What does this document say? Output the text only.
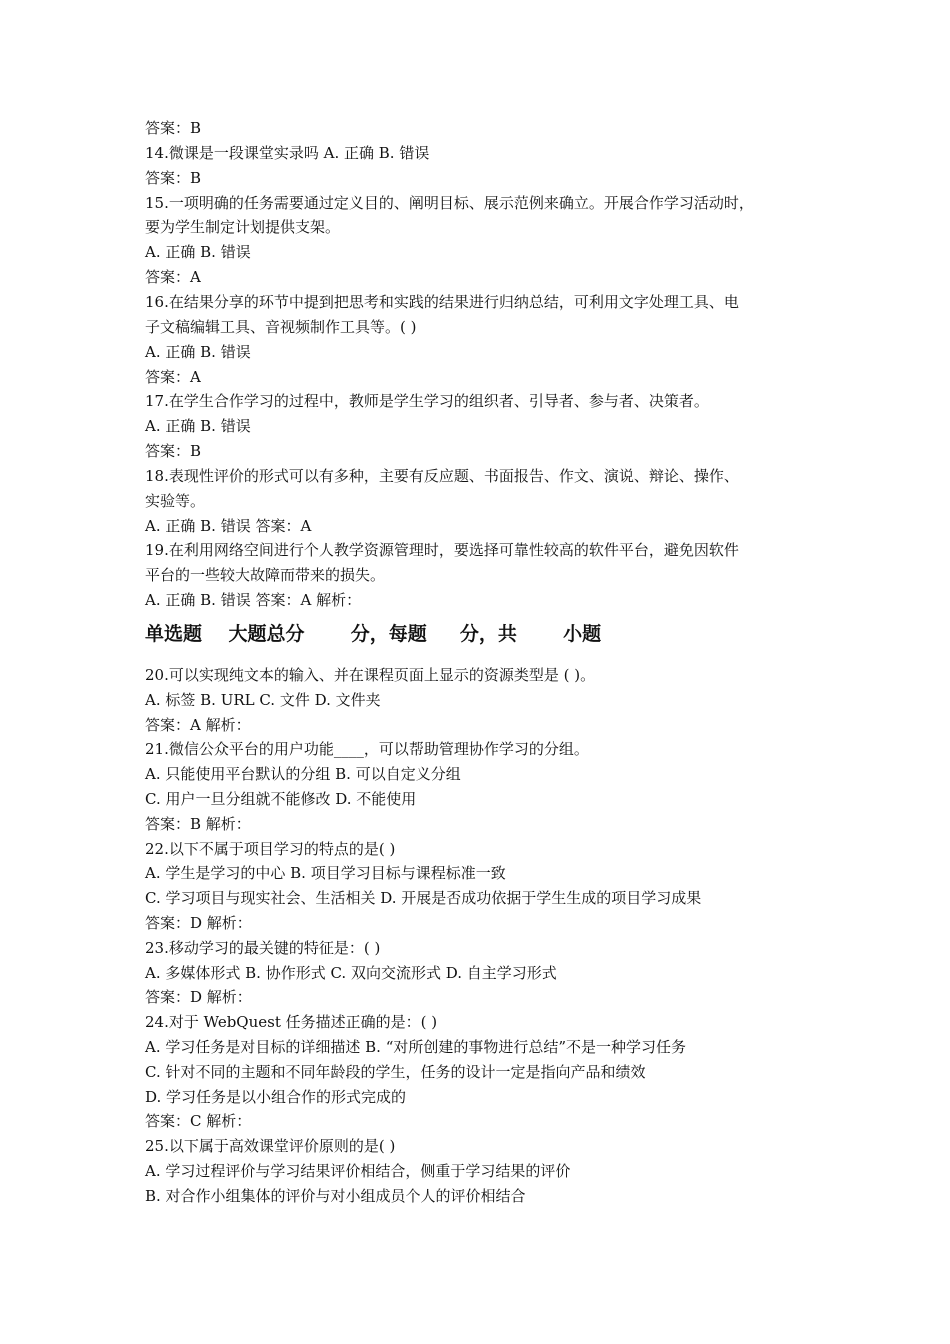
答案：B
14.微课是一段课堂实录吗 A. 正确 B. 错误
答案：B
15.一项明确的任务需要通过定义目的、阐明目标、展示范例来确立。开展合作学习活动时，
要为学生制定计划提供支架。
A. 正确 B. 错误
答案：A
16.在结果分享的环节中提到把思考和实践的结果进行归纳总结，可利用文字处理工具、电
子文稿编辑工具、音视频制作工具等。( )
A. 正确 B. 错误
答案：A
17.在学生合作学习的过程中，教师是学生学习的组织者、引导者、参与者、决策者。
A. 正确 B. 错误
答案：B
18.表现性评价的形式可以有多种，主要有反应题、书面报告、作文、演说、辩论、操作、
实验等。
A. 正确 B. 错误 答案：A
19.在利用网络空间进行个人教学资源管理时，要选择可靠性较高的软件平台，避免因软件
平台的一些较大故障而带来的损失。
A. 正确 B. 错误 答案：A 解析：
单选题    大题总分       分，每题     分，共       小题
20.可以实现纯文本的输入、并在课程页面上显示的资源类型是 ( )。
A. 标签 B. URL C. 文件 D. 文件夹
答案：A 解析：
21.微信公众平台的用户功能____，可以帮助管理协作学习的分组。
A. 只能使用平台默认的分组 B. 可以自定义分组
C. 用户一旦分组就不能修改 D. 不能使用
答案：B 解析：
22.以下不属于项目学习的特点的是( )
A. 学生是学习的中心 B. 项目学习目标与课程标准一致
C. 学习项目与现实社会、生活相关 D. 开展是否成功依据于学生生成的项目学习成果
答案：D 解析：
23.移动学习的最关键的特征是：( )
A. 多媒体形式 B. 协作形式 C. 双向交流形式 D. 自主学习形式
答案：D 解析：
24.对于 WebQuest 任务描述正确的是：( )
A. 学习任务是对目标的详细描述 B. “对所创建的事物进行总结”不是一种学习任务
C. 针对不同的主题和不同年龄段的学生，任务的设计一定是指向产品和绩效
D. 学习任务是以小组合作的形式完成的
答案：C 解析：
25.以下属于高效课堂评价原则的是( )
A. 学习过程评价与学习结果评价相结合，侧重于学习结果的评价
B. 对合作小组集体的评价与对小组成员个人的评价相结合
